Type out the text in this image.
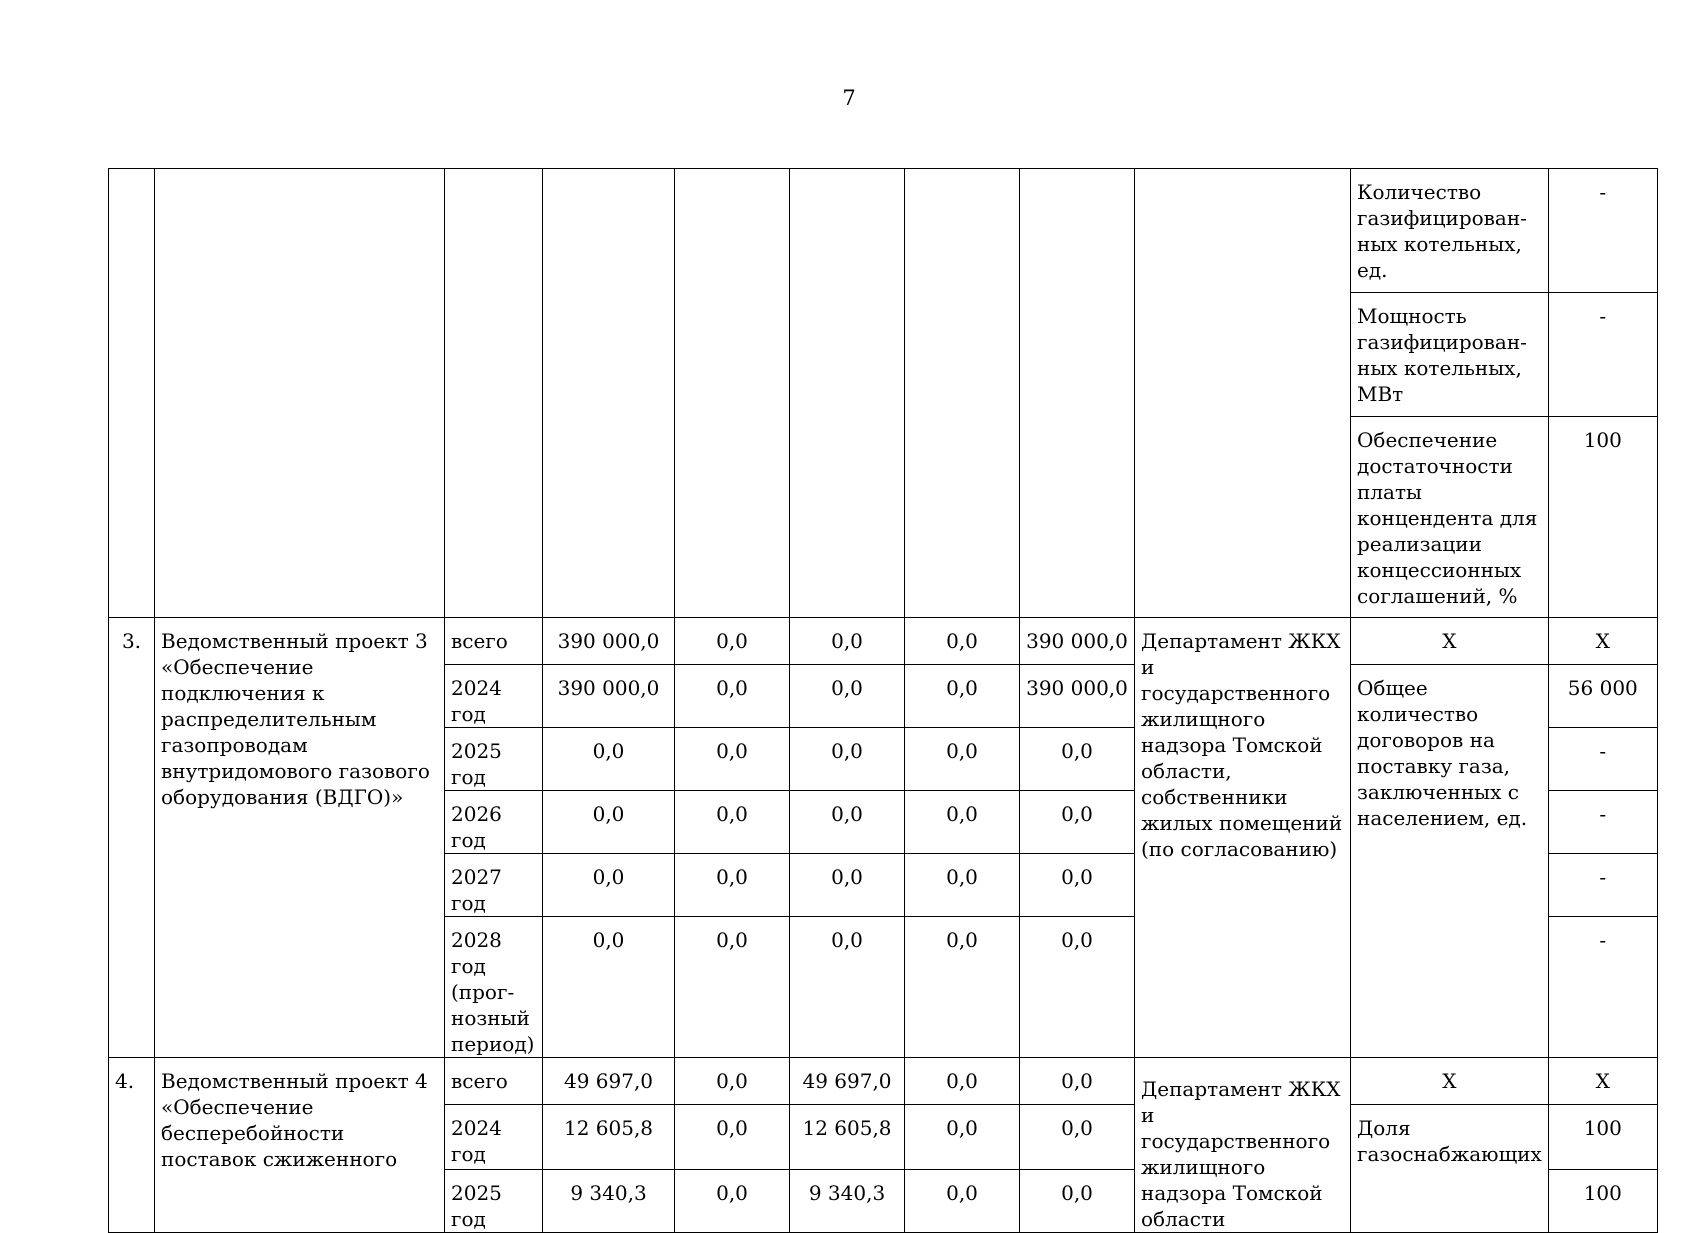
7
									Количество газифицирован-ных котельных, ед.	-
									Мощность газифицирован-ных котельных, МВт	-
									Обеспечение достаточности платы концендента для реализации концессионных соглашений, %	100
3.	Ведомственный проект 3 «Обеспечение подключения к распределительным газопроводам внутридомового газового оборудования (ВДГО)»	всего	390 000,0	0,0	0,0	0,0	390 000,0	Департамент ЖКХ и государственного жилищного надзора Томской области, собственники жилых помещений (по согласованию)	Х	Х
		2024 год	390 000,0	0,0	0,0	0,0	390 000,0		Общее количество договоров на поставку газа, заключенных с населением, ед.	56 000
		2025 год	0,0	0,0	0,0	0,0	0,0			-
		2026 год	0,0	0,0	0,0	0,0	0,0			-
		2027 год	0,0	0,0	0,0	0,0	0,0			-
		2028 год (прог-нозный период)	0,0	0,0	0,0	0,0	0,0			-
4.	Ведомственный проект 4 «Обеспечение бесперебойности поставок сжиженного	всего	49 697,0	0,0	49 697,0	0,0	0,0	Департамент ЖКХ и государственного жилищного надзора Томской области	Х	Х
		2024 год	12 605,8	0,0	12 605,8	0,0	0,0		Доля газоснабжающих	100
		2025 год	9 340,3	0,0	9 340,3	0,0	0,0			100
